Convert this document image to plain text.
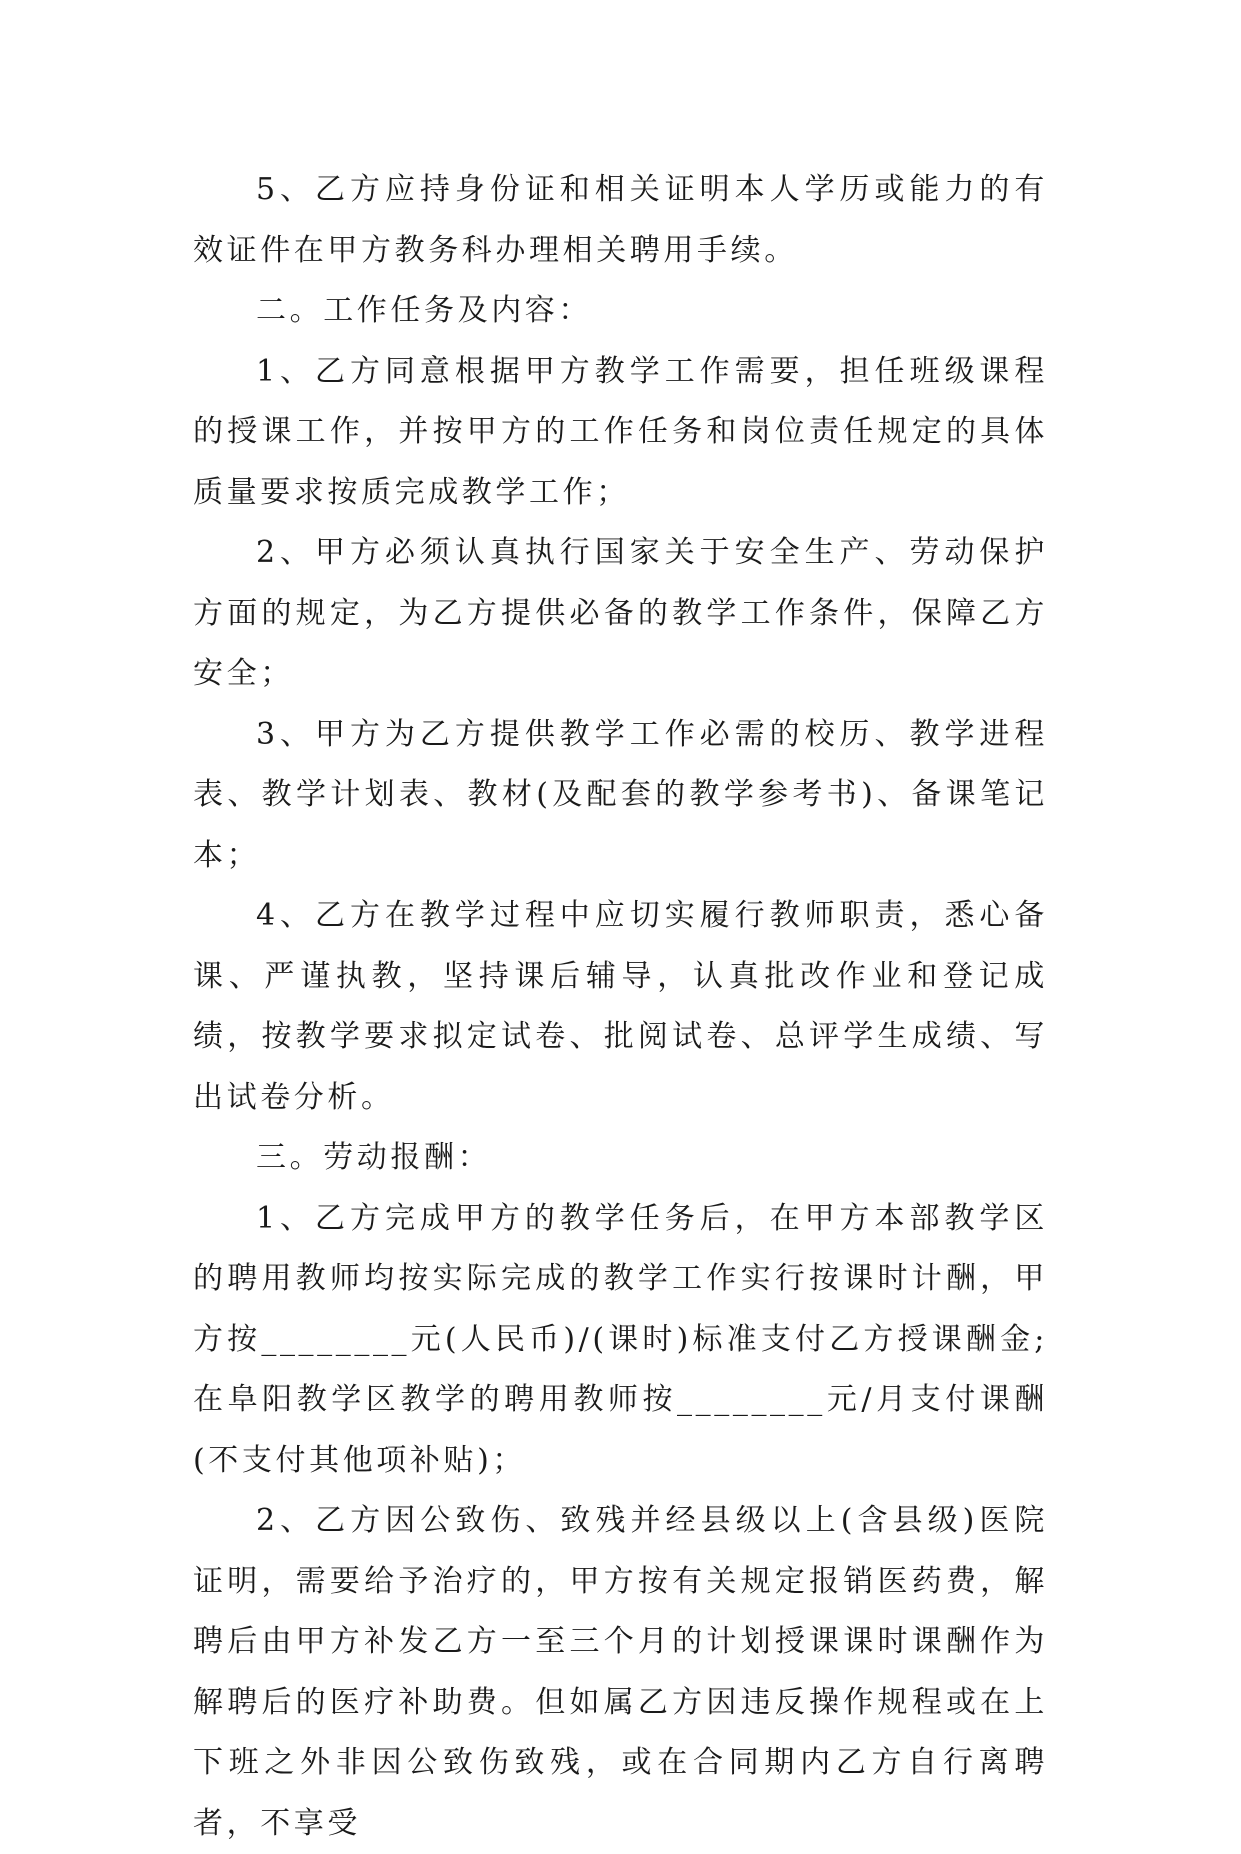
5、乙方应持身份证和相关证明本人学历或能力的有效证件在甲方教务科办理相关聘用手续。

二。工作任务及内容：

1、乙方同意根据甲方教学工作需要，担任班级课程的授课工作，并按甲方的工作任务和岗位责任规定的具体质量要求按质完成教学工作；

2、甲方必须认真执行国家关于安全生产、劳动保护方面的规定，为乙方提供必备的教学工作条件，保障乙方安全；

3、甲方为乙方提供教学工作必需的校历、教学进程表、教学计划表、教材(及配套的教学参考书)、备课笔记本；

4、乙方在教学过程中应切实履行教师职责，悉心备课、严谨执教，坚持课后辅导，认真批改作业和登记成绩，按教学要求拟定试卷、批阅试卷、总评学生成绩、写出试卷分析。

三。劳动报酬：

1、乙方完成甲方的教学任务后，在甲方本部教学区的聘用教师均按实际完成的教学工作实行按课时计酬，甲方按________元(人民币)/(课时)标准支付乙方授课酬金;在阜阳教学区教学的聘用教师按________元/月支付课酬(不支付其他项补贴)；

2、乙方因公致伤、致残并经县级以上(含县级)医院证明，需要给予治疗的，甲方按有关规定报销医药费，解聘后由甲方补发乙方一至三个月的计划授课课时课酬作为解聘后的医疗补助费。但如属乙方因违反操作规程或在上下班之外非因公致伤致残，或在合同期内乙方自行离聘者，不享受
